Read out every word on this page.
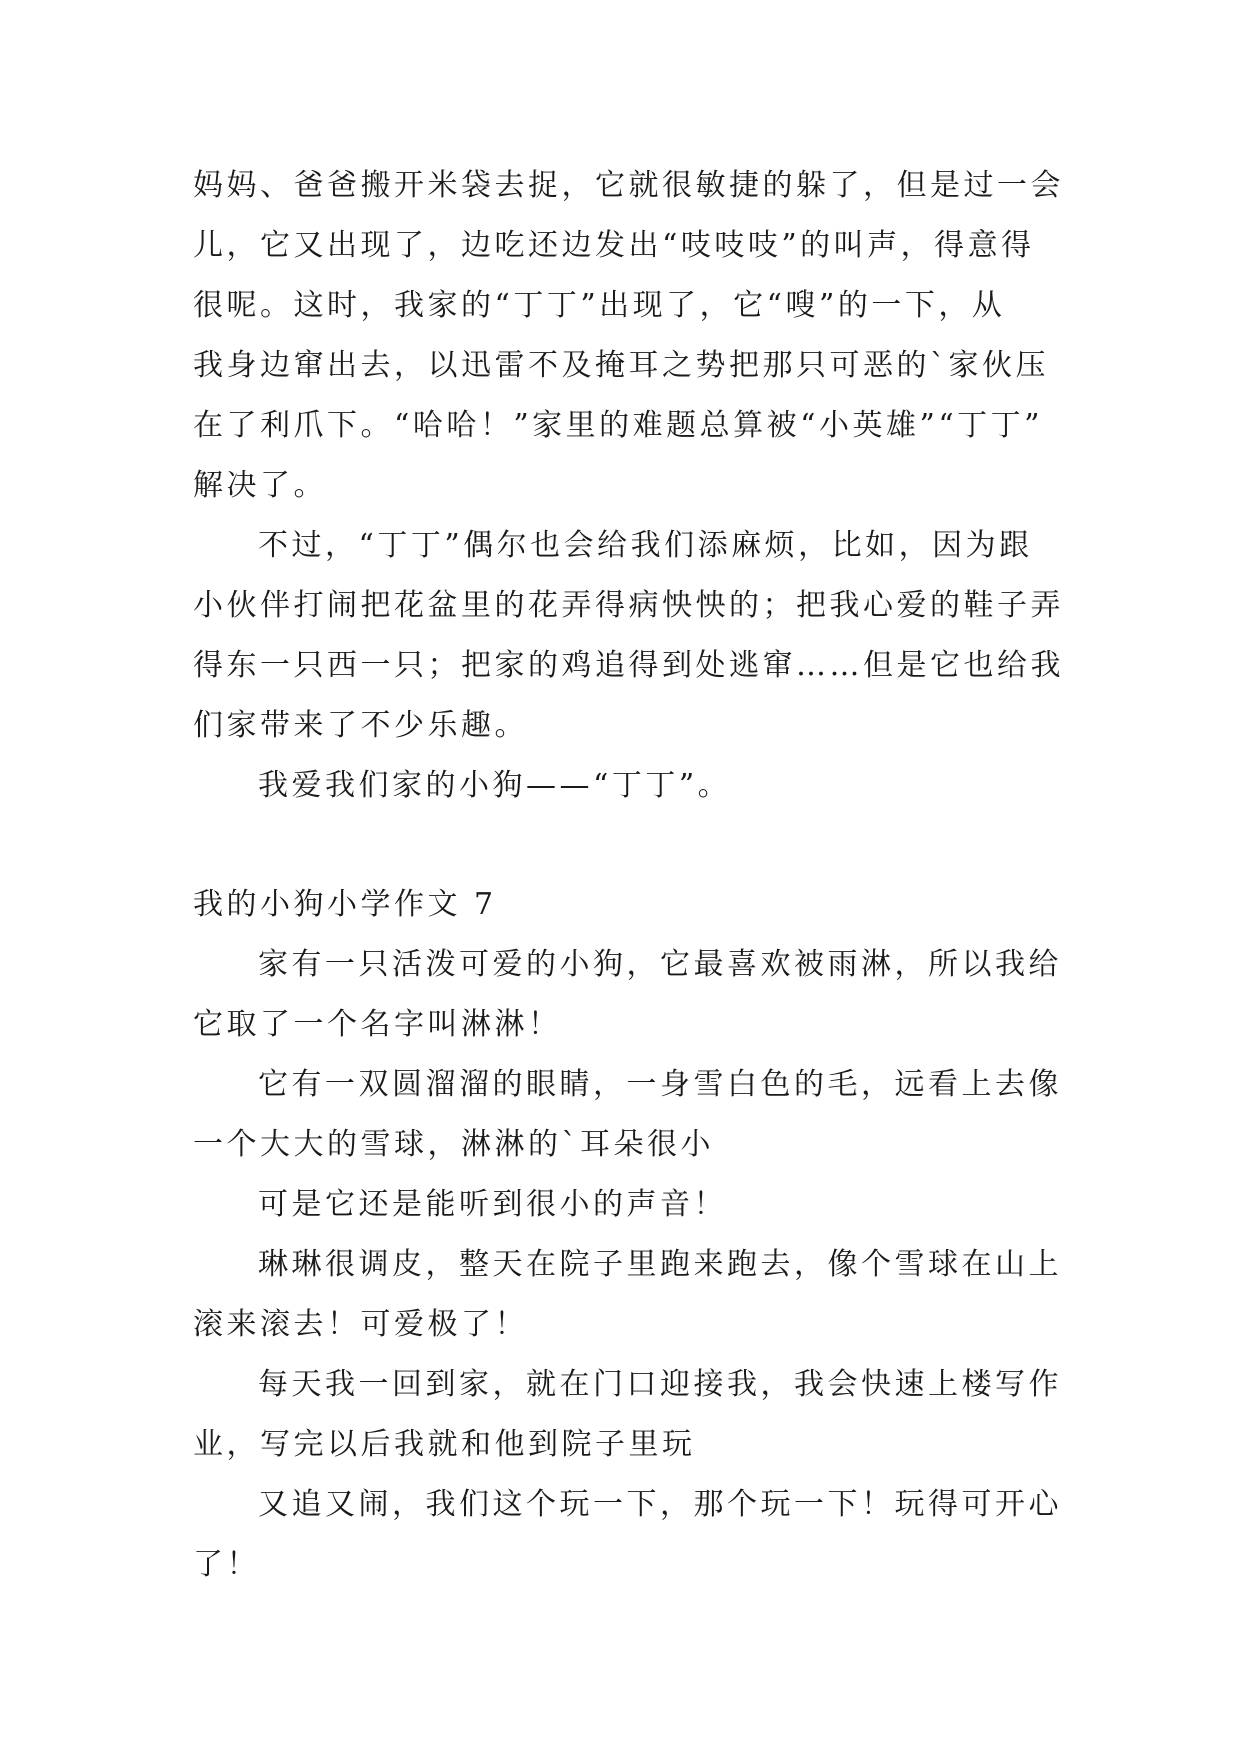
妈妈、爸爸搬开米袋去捉，它就很敏捷的躲了，但是过一会
儿，它又出现了，边吃还边发出“吱吱吱”的叫声，得意得
很呢。这时，我家的“丁丁”出现了，它“嗖”的一下，从
我身边窜出去，以迅雷不及掩耳之势把那只可恶的`家伙压
在了利爪下。“哈哈！”家里的难题总算被“小英雄”“丁丁”
解决了。
不过，“丁丁”偶尔也会给我们添麻烦，比如，因为跟
小伙伴打闹把花盆里的花弄得病怏怏的；把我心爱的鞋子弄
得东一只西一只；把家的鸡追得到处逃窜……但是它也给我
们家带来了不少乐趣。
我爱我们家的小狗——“丁丁”。
我的小狗小学作文 7
家有一只活泼可爱的小狗，它最喜欢被雨淋，所以我给
它取了一个名字叫淋淋！
它有一双圆溜溜的眼睛，一身雪白色的毛，远看上去像
一个大大的雪球，淋淋的`耳朵很小
可是它还是能听到很小的声音！
琳琳很调皮，整天在院子里跑来跑去，像个雪球在山上
滚来滚去！可爱极了！
每天我一回到家，就在门口迎接我，我会快速上楼写作
业，写完以后我就和他到院子里玩
又追又闹，我们这个玩一下，那个玩一下！玩得可开心
了！
